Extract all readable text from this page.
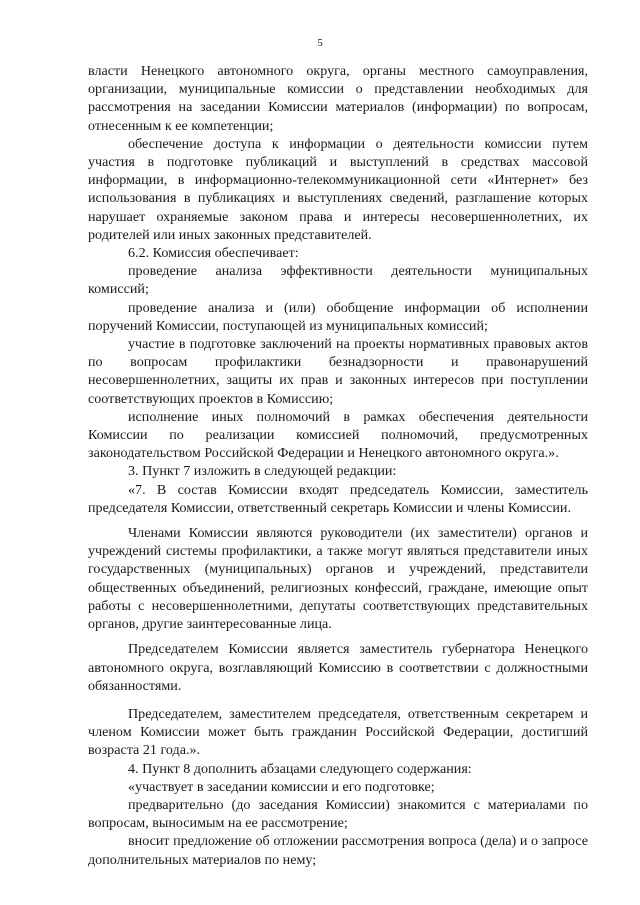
5

власти Ненецкого автономного округа, органы местного самоуправления, организации, муниципальные комиссии о представлении необходимых для рассмотрения на заседании Комиссии материалов (информации) по вопросам, отнесенным к ее компетенции;

обеспечение доступа к информации о деятельности комиссии путем участия в подготовке публикаций и выступлений в средствах массовой информации, в информационно-телекоммуникационной сети «Интернет» без использования в публикациях и выступлениях сведений, разглашение которых нарушает охраняемые законом права и интересы несовершеннолетних, их родителей или иных законных представителей.

6.2. Комиссия обеспечивает:

проведение анализа эффективности деятельности муниципальных комиссий;

проведение анализа и (или) обобщение информации об исполнении поручений Комиссии, поступающей из муниципальных комиссий;

участие в подготовке заключений на проекты нормативных правовых актов по вопросам профилактики безнадзорности и правонарушений несовершеннолетних, защиты их прав и законных интересов при поступлении соответствующих проектов в Комиссию;

исполнение иных полномочий в рамках обеспечения деятельности Комиссии по реализации комиссией полномочий, предусмотренных законодательством Российской Федерации и Ненецкого автономного округа.».

3. Пункт 7 изложить в следующей редакции:

«7. В состав Комиссии входят председатель Комиссии, заместитель председателя Комиссии, ответственный секретарь Комиссии и члены Комиссии.

Членами Комиссии являются руководители (их заместители) органов и учреждений системы профилактики, а также могут являться представители иных государственных (муниципальных) органов и учреждений, представители общественных объединений, религиозных конфессий, граждане, имеющие опыт работы с несовершеннолетними, депутаты соответствующих представительных органов, другие заинтересованные лица.

Председателем Комиссии является заместитель губернатора Ненецкого автономного округа, возглавляющий Комиссию в соответствии с должностными обязанностями.

Председателем, заместителем председателя, ответственным секретарем и членом Комиссии может быть гражданин Российской Федерации, достигший возраста 21 года.».

4. Пункт 8 дополнить абзацами следующего содержания:

«участвует в заседании комиссии и его подготовке;

предварительно (до заседания Комиссии) знакомится с материалами по вопросам, выносимым на ее рассмотрение;

вносит предложение об отложении рассмотрения вопроса (дела) и о запросе дополнительных материалов по нему;
